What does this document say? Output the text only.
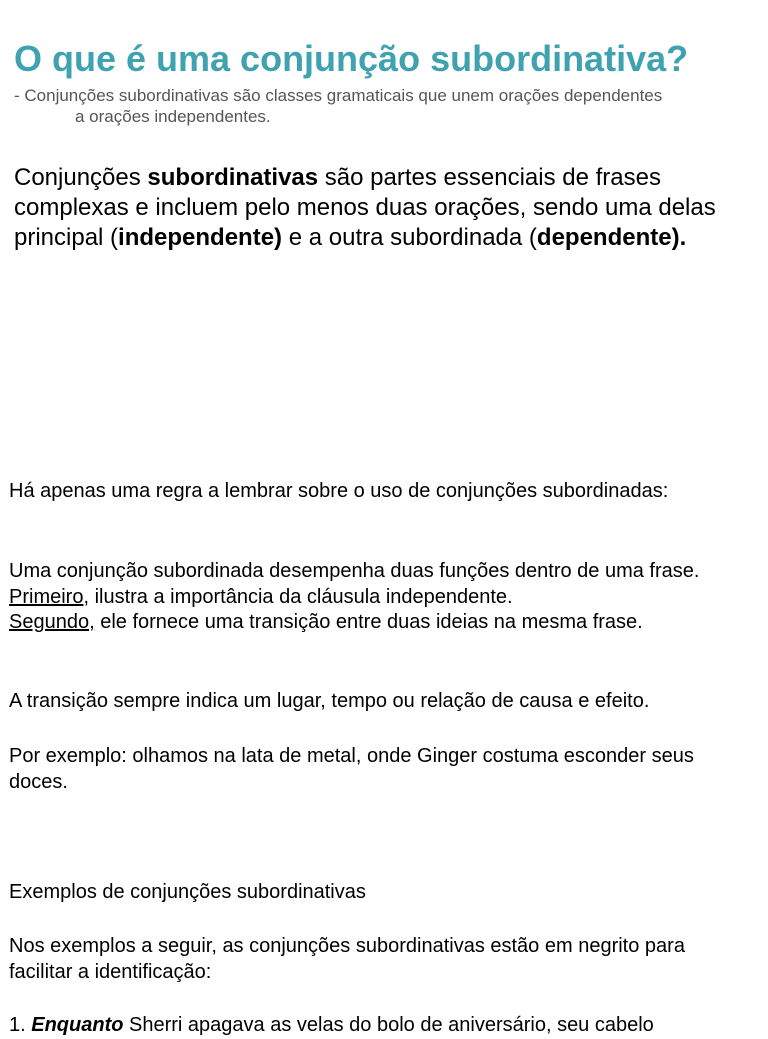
O que é uma conjunção subordinativa?

- Conjunções subordinativas são classes gramaticais que unem orações dependentes
a orações independentes.

Conjunções subordinativas são partes essenciais de frases complexas e incluem pelo menos duas orações, sendo uma delas principal (independente) e a outra subordinada (dependente).

Há apenas uma regra a lembrar sobre o uso de conjunções subordinadas:

Uma conjunção subordinada desempenha duas funções dentro de uma frase.
Primeiro, ilustra a importância da cláusula independente.
Segundo, ele fornece uma transição entre duas ideias na mesma frase.

A transição sempre indica um lugar, tempo ou relação de causa e efeito.

Por exemplo: olhamos na lata de metal, onde Ginger costuma esconder seus doces.

Exemplos de conjunções subordinativas

Nos exemplos a seguir, as conjunções subordinativas estão em negrito para facilitar a identificação:

1. Enquanto Sherri apagava as velas do bolo de aniversário, seu cabelo
